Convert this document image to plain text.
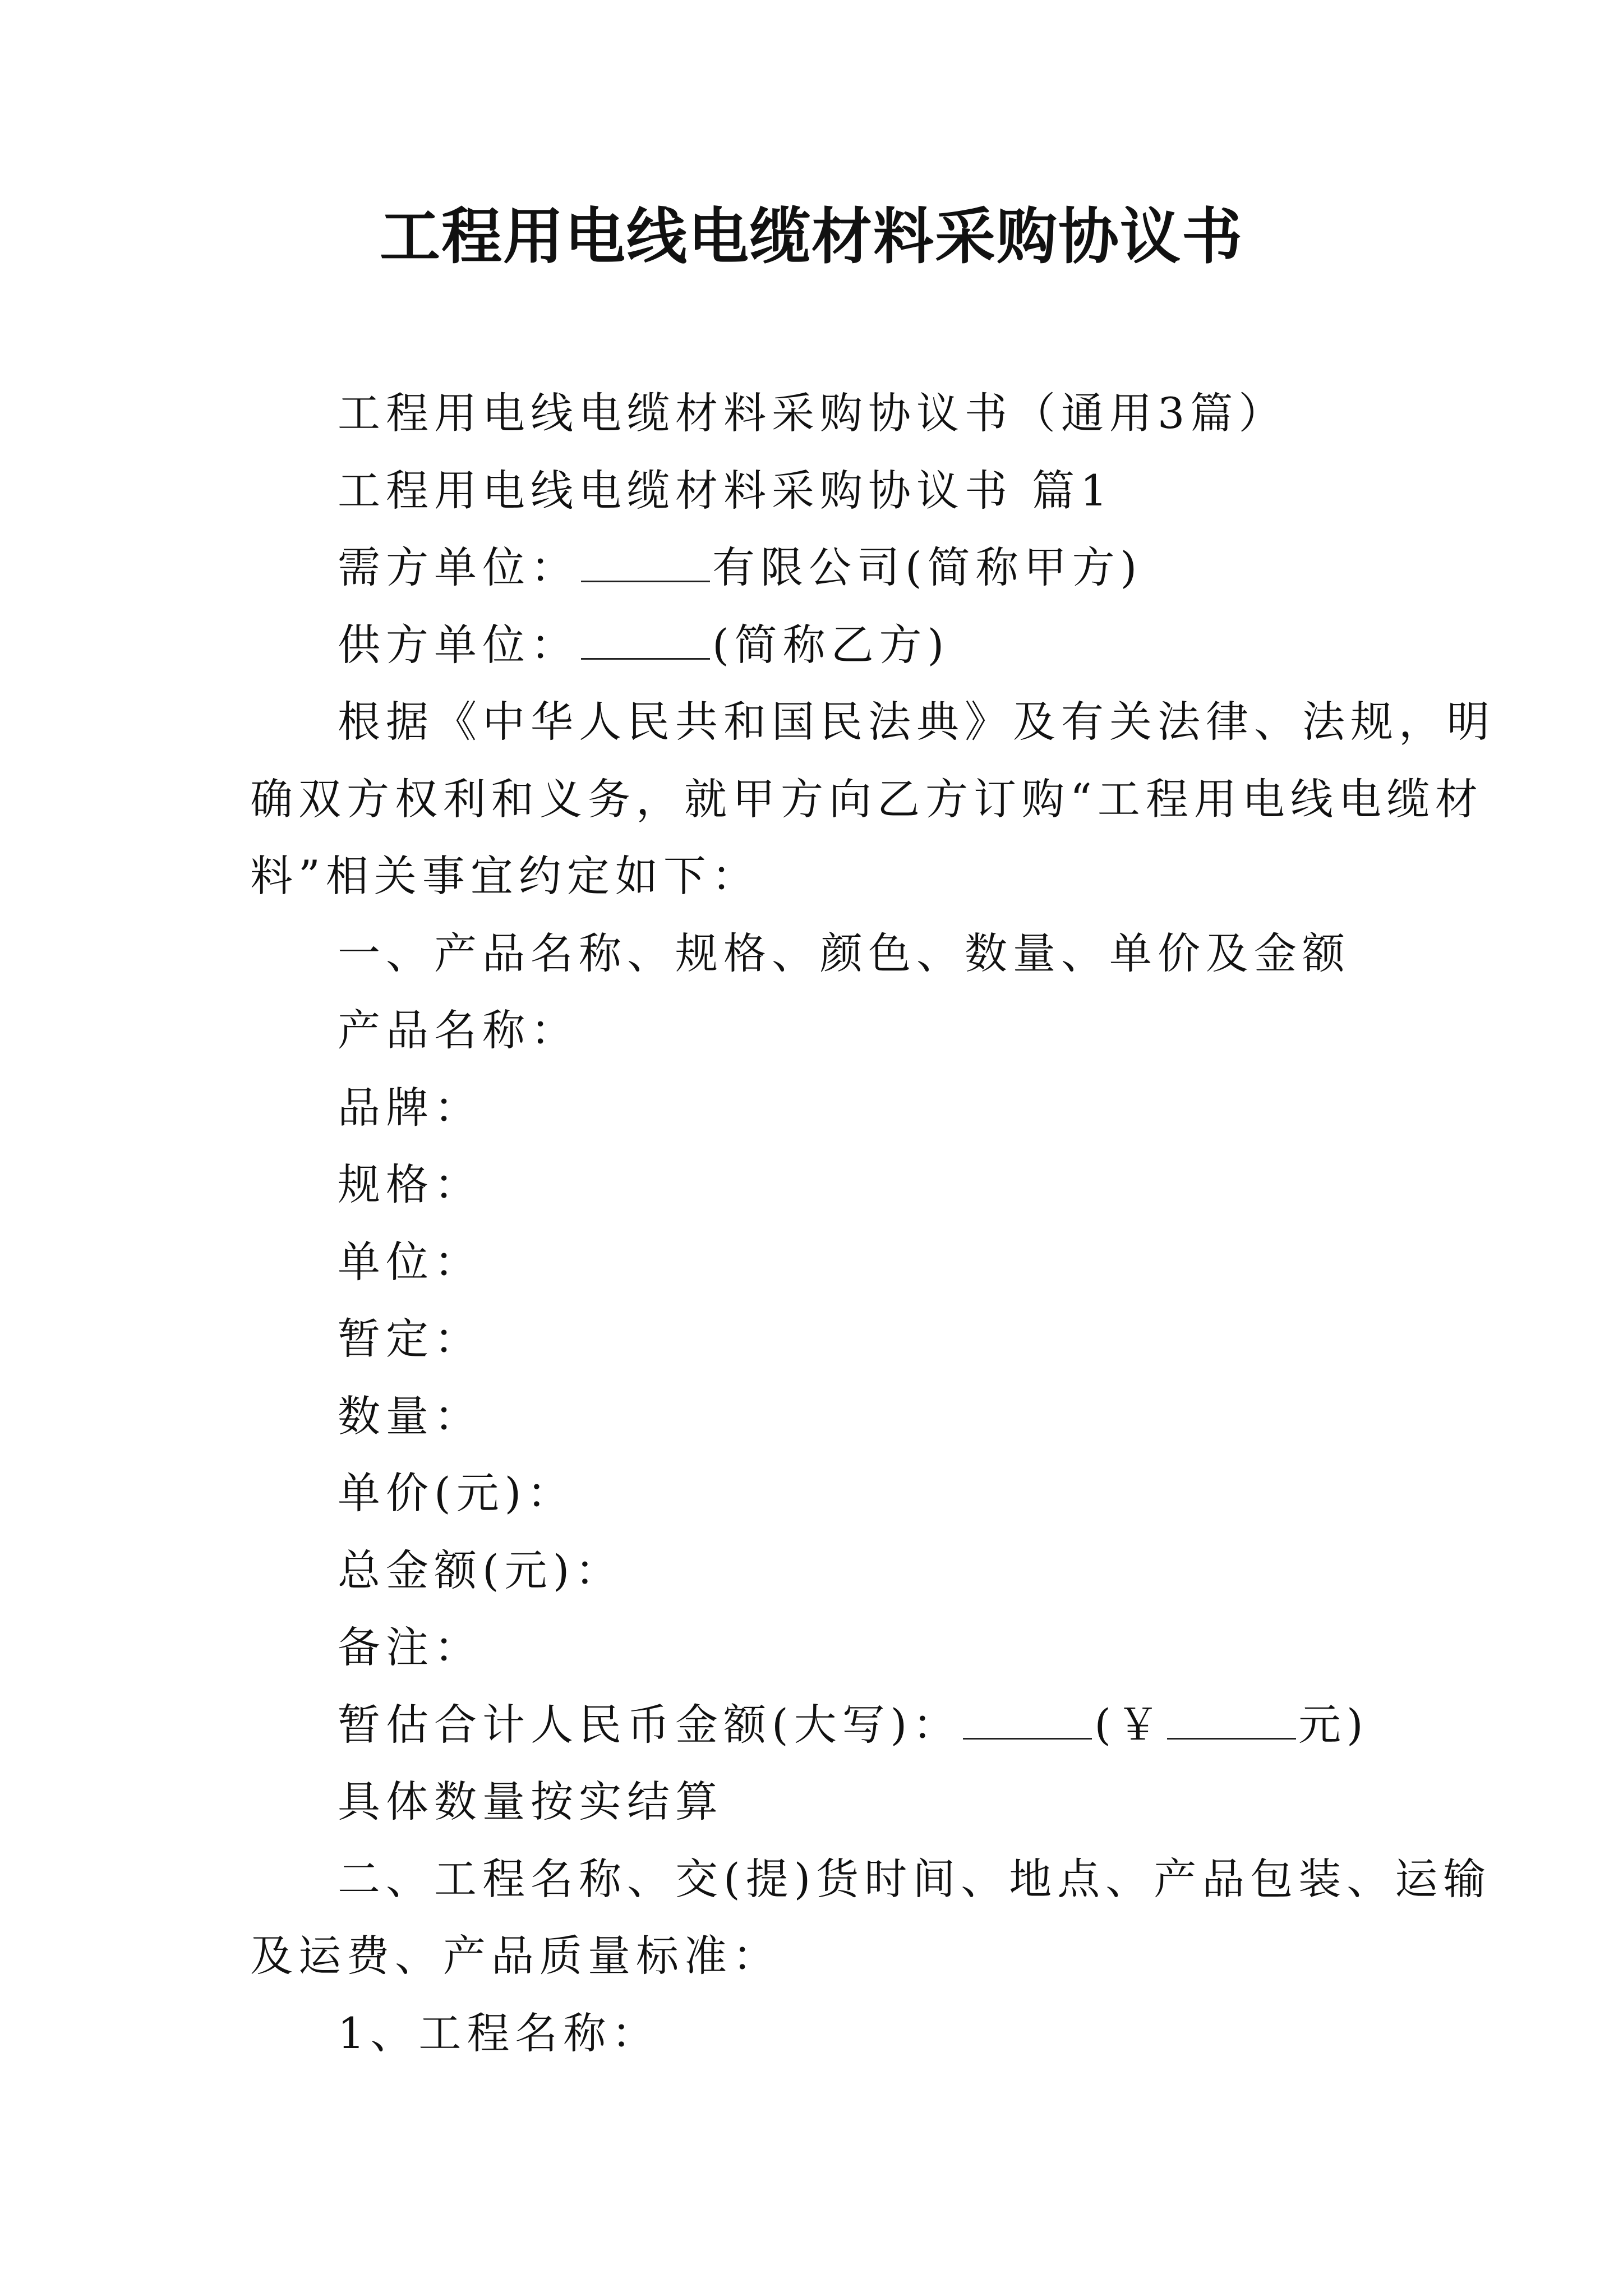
工程用电线电缆材料采购协议书

工程用电线电缆材料采购协议书（通用3篇）

工程用电线电缆材料采购协议书 篇1

需方单位：	有限公司(简称甲方)

供方单位：	(简称乙方)

根据《中华人民共和国民法典》及有关法律、法规，明

确双方权利和义务，就甲方向乙方订购“工程用电线电缆材

料”相关事宜约定如下：

一、产品名称、规格、颜色、数量、单价及金额

产品名称：

品牌：

规格：

单位：

暂定：

数量：

单价(元)：

总金额(元)：

备注：

暂估合计人民币金额(大写)：	(￥	元)

具体数量按实结算

二、工程名称、交(提)货时间、地点、产品包装、运输

及运费、产品质量标准：

1、工程名称：
